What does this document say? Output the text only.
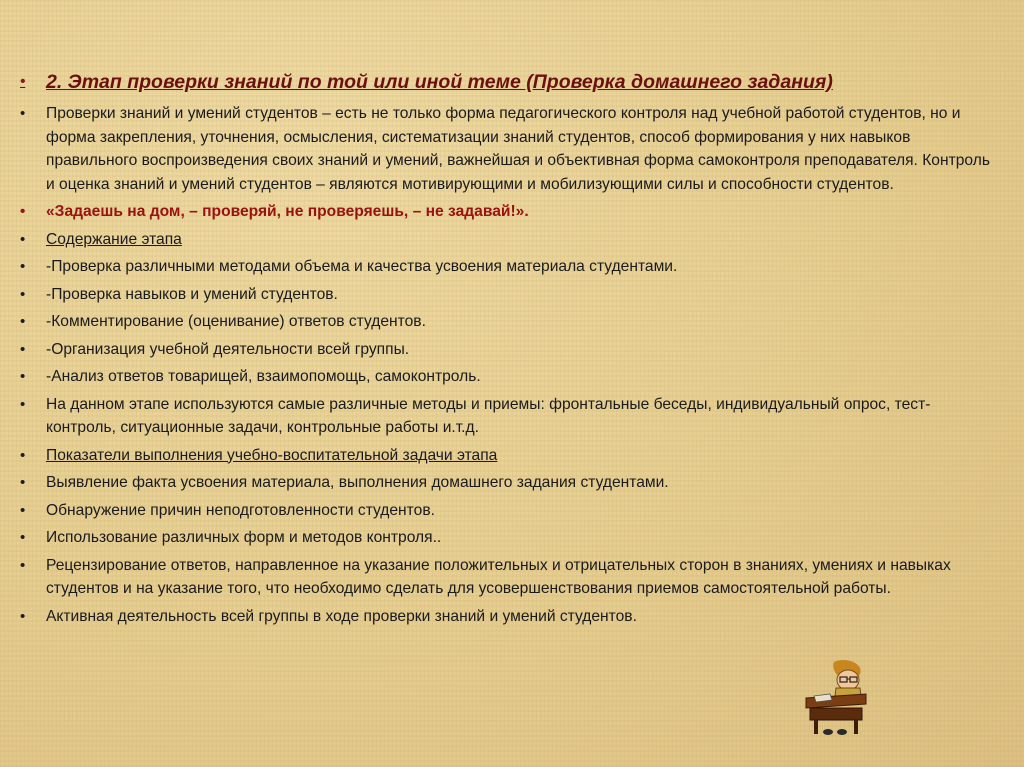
•	2. Этап проверки знаний по той или иной теме (Проверка домашнего задания)
•	Проверки знаний и умений студентов – есть не только форма педагогического контроля над учебной работой студентов, но и форма закрепления, уточнения, осмысления, систематизации знаний студентов, способ формирования у них навыков правильного воспроизведения своих знаний и умений, важнейшая и объективная форма самоконтроля преподавателя. Контроль и оценка знаний и умений студентов – являются мотивирующими и мобилизующими силы и способности студентов.
•	«Задаешь на дом, – проверяй, не проверяешь, – не задавай!».
•	Содержание этапа
•	-Проверка различными методами объема и качества усвоения материала студентами.
•	-Проверка навыков и умений студентов.
•	-Комментирование (оценивание) ответов студентов.
•	-Организация учебной деятельности всей группы.
•	-Анализ ответов товарищей, взаимопомощь, самоконтроль.
•	На данном этапе используются самые различные методы и приемы: фронтальные беседы, индивидуальный опрос, тест-контроль, ситуационные задачи, контрольные работы и.т.д.
•	Показатели выполнения учебно-воспитательной задачи этапа
•	Выявление факта усвоения материала, выполнения домашнего задания студентами.
•	Обнаружение причин неподготовленности студентов.
•	Использование различных форм и методов контроля..
•	Рецензирование ответов, направленное на указание положительных и отрицательных сторон в знаниях, умениях и навыках студентов и на указание того, что необходимо сделать для усовершенствования приемов самостоятельной работы.
•	Активная деятельность всей группы в ходе проверки знаний и умений студентов.
